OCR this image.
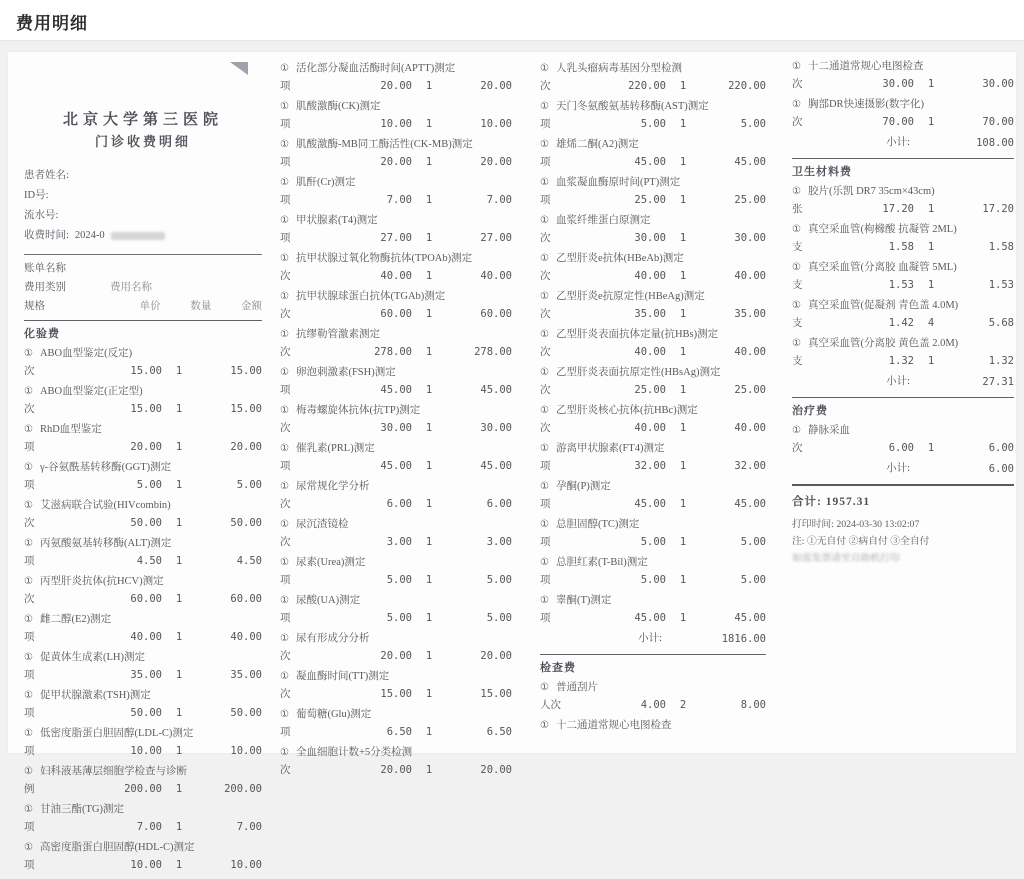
费用明细
北京大学第三医院
门诊收费明细
患者姓名:
ID号:
流水号:
收费时间: 2024-0
账单名称
费用类别	费用名称
规格	单价	数量	金额
化验费
① ABO血型鉴定(反定)
次	15.00	1	15.00
① ABO血型鉴定(正定型)
次	15.00	1	15.00
① RhD血型鉴定
项	20.00	1	20.00
① γ-谷氨酰基转移酶(GGT)测定
项	5.00	1	5.00
① 艾滋病联合试验(HIVcombin)
次	50.00	1	50.00
① 丙氨酸氨基转移酶(ALT)测定
项	4.50	1	4.50
① 丙型肝炎抗体(抗HCV)测定
次	60.00	1	60.00
① 雌二醇(E2)测定
项	40.00	1	40.00
① 促黄体生成素(LH)测定
项	35.00	1	35.00
① 促甲状腺激素(TSH)测定
项	50.00	1	50.00
① 低密度脂蛋白胆固醇(LDL-C)测定
项	10.00	1	10.00
① 妇科液基薄层细胞学检查与诊断
例	200.00	1	200.00
① 甘油三酯(TG)测定
项	7.00	1	7.00
① 高密度脂蛋白胆固醇(HDL-C)测定
项	10.00	1	10.00
① 活化部分凝血活酶时间(APTT)测定
项	20.00	1	20.00
① 肌酸激酶(CK)测定
项	10.00	1	10.00
① 肌酸激酶-MB同工酶活性(CK-MB)测定
项	20.00	1	20.00
① 肌酐(Cr)测定
项	7.00	1	7.00
① 甲状腺素(T4)测定
项	27.00	1	27.00
① 抗甲状腺过氧化物酶抗体(TPOAb)测定
次	40.00	1	40.00
① 抗甲状腺球蛋白抗体(TGAb)测定
次	60.00	1	60.00
① 抗缪勒管激素测定
次	278.00	1	278.00
① 卵泡刺激素(FSH)测定
项	45.00	1	45.00
① 梅毒螺旋体抗体(抗TP)测定
次	30.00	1	30.00
① 催乳素(PRL)测定
项	45.00	1	45.00
① 尿常规化学分析
次	6.00	1	6.00
① 尿沉渣镜检
次	3.00	1	3.00
① 尿素(Urea)测定
项	5.00	1	5.00
① 尿酸(UA)测定
项	5.00	1	5.00
① 尿有形成分分析
次	20.00	1	20.00
① 凝血酶时间(TT)测定
次	15.00	1	15.00
① 葡萄糖(Glu)测定
项	6.50	1	6.50
① 全血细胞计数+5分类检测
次	20.00	1	20.00
① 人乳头瘤病毒基因分型检测
次	220.00	1	220.00
① 天门冬氨酸氨基转移酶(AST)测定
项	5.00	1	5.00
① 雄烯二酮(A2)测定
项	45.00	1	45.00
① 血浆凝血酶原时间(PT)测定
项	25.00	1	25.00
① 血浆纤维蛋白原测定
次	30.00	1	30.00
① 乙型肝炎e抗体(HBeAb)测定
次	40.00	1	40.00
① 乙型肝炎e抗原定性(HBeAg)测定
次	35.00	1	35.00
① 乙型肝炎表面抗体定量(抗HBs)测定
次	40.00	1	40.00
① 乙型肝炎表面抗原定性(HBsAg)测定
次	25.00	1	25.00
① 乙型肝炎核心抗体(抗HBc)测定
次	40.00	1	40.00
① 游离甲状腺素(FT4)测定
项	32.00	1	32.00
① 孕酮(P)测定
项	45.00	1	45.00
① 总胆固醇(TC)测定
项	5.00	1	5.00
① 总胆红素(T-Bil)测定
项	5.00	1	5.00
① 睾酮(T)测定
项	45.00	1	45.00
小计:	1816.00
检查费
① 普通刮片
人次	4.00	2	8.00
① 十二通道常规心电图检查
① 十二通道常规心电图检查
次	30.00	1	30.00
① 胸部DR快速摄影(数字化)
次	70.00	1	70.00
小计:	108.00
卫生材料费
① 胶片(乐凯 DR7 35cm×43cm)
张	17.20	1	17.20
① 真空采血管(枸橼酸 抗凝管 2ML)
支	1.58	1	1.58
① 真空采血管(分离胶 血凝管 5ML)
支	1.53	1	1.53
① 真空采血管(促凝剂 青色盖 4.0M)
支	1.42	4	5.68
① 真空采血管(分离胶 黄色盖 2.0M)
支	1.32	1	1.32
小计:	27.31
治疗费
① 静脉采血
次	6.00	1	6.00
小计:	6.00
合计: 1957.31
打印时间: 2024-03-30 13:02:07
注: ①无自付 ②病自付 ③全自付
如需发票请至自助机打印
